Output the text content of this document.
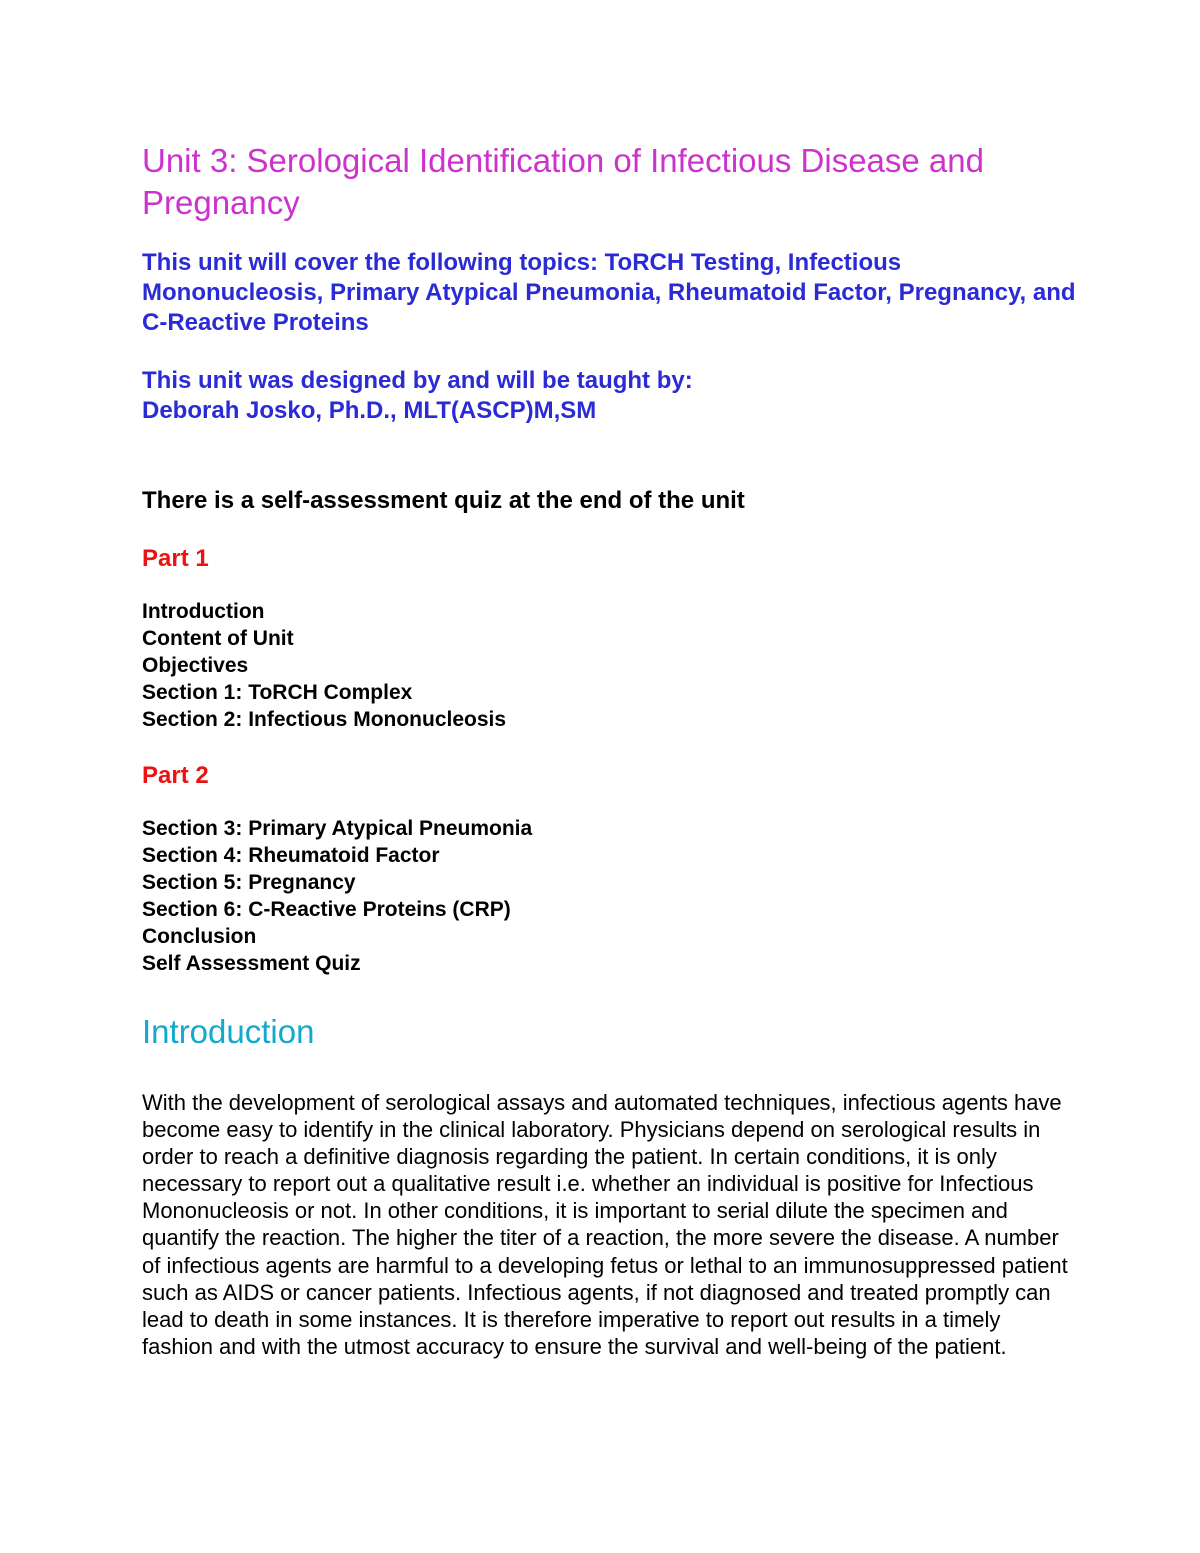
Unit 3: Serological Identification of Infectious Disease and Pregnancy

This unit will cover the following topics: ToRCH Testing, Infectious Mononucleosis, Primary Atypical Pneumonia, Rheumatoid Factor, Pregnancy, and C-Reactive Proteins

This unit was designed by and will be taught by:
Deborah Josko, Ph.D., MLT(ASCP)M,SM

There is a self-assessment quiz at the end of the unit

Part 1
Introduction
Content of Unit
Objectives
Section 1: ToRCH Complex
Section 2: Infectious Mononucleosis
Part 2
Section 3: Primary Atypical Pneumonia
Section 4: Rheumatoid Factor
Section 5: Pregnancy
Section 6: C-Reactive Proteins (CRP)
Conclusion
Self Assessment Quiz
Introduction

With the development of serological assays and automated techniques, infectious agents have become easy to identify in the clinical laboratory. Physicians depend on serological results in order to reach a definitive diagnosis regarding the patient. In certain conditions, it is only necessary to report out a qualitative result i.e. whether an individual is positive for Infectious Mononucleosis or not. In other conditions, it is important to serial dilute the specimen and quantify the reaction. The higher the titer of a reaction, the more severe the disease. A number of infectious agents are harmful to a developing fetus or lethal to an immunosuppressed patient such as AIDS or cancer patients. Infectious agents, if not diagnosed and treated promptly can lead to death in some instances. It is therefore imperative to report out results in a timely fashion and with the utmost accuracy to ensure the survival and well-being of the patient.
